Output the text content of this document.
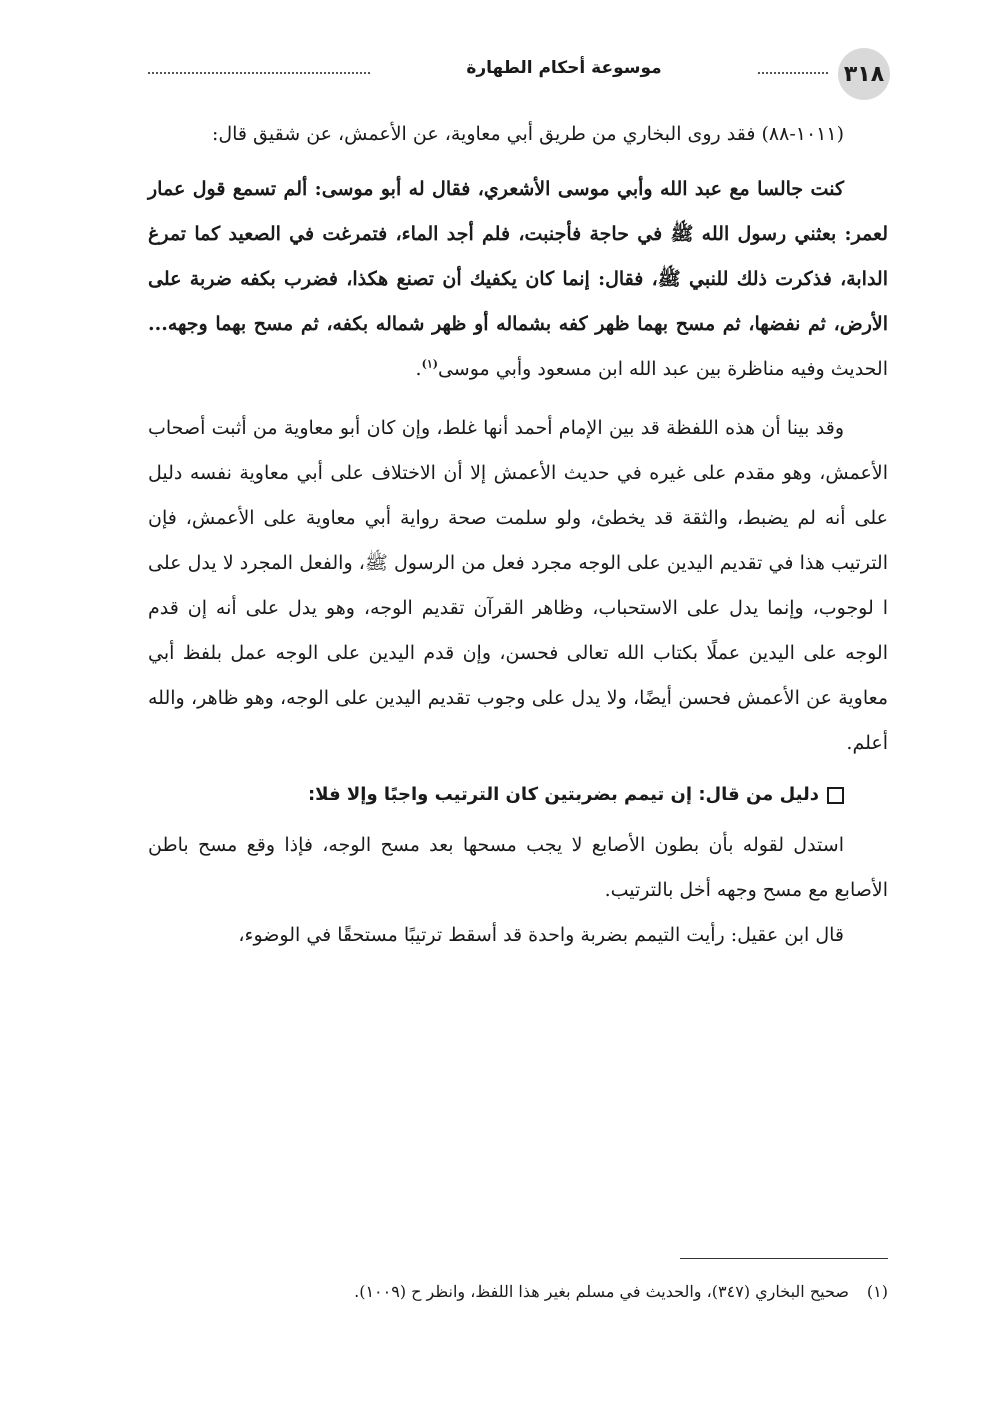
٣١٨
موسوعة أحكام الطهارة

(١٠١١-٨٨) فقد روى البخاري من طريق أبي معاوية، عن الأعمش، عن شقيق قال:

كنت جالسا مع عبد الله وأبي موسى الأشعري، فقال له أبو موسى: ألم تسمع قول عمار لعمر: بعثني رسول الله ﷺ في حاجة فأجنبت، فلم أجد الماء، فتمرغت في الصعيد كما تمرغ الدابة، فذكرت ذلك للنبي ﷺ، فقال: إنما كان يكفيك أن تصنع هكذا، فضرب بكفه ضربة على الأرض، ثم نفضها، ثم مسح بهما ظهر كفه بشماله أو ظهر شماله بكفه، ثم مسح بهما وجهه... الحديث وفيه مناظرة بين عبد الله ابن مسعود وأبي موسى$^{(١)}$.

وقد بينا أن هذه اللفظة قد بين الإمام أحمد أنها غلط، وإن كان أبو معاوية من أثبت أصحاب الأعمش، وهو مقدم على غيره في حديث الأعمش إلا أن الاختلاف على أبي معاوية نفسه دليل على أنه لم يضبط، والثقة قد يخطئ، ولو سلمت صحة رواية أبي معاوية على الأعمش، فإن الترتيب هذا في تقديم اليدين على الوجه مجرد فعل من الرسول ﷺ، والفعل المجرد لا يدل على ا لوجوب، وإنما يدل على الاستحباب، وظاهر القرآن تقديم الوجه، وهو يدل على أنه إن قدم الوجه على اليدين عملًا بكتاب الله تعالى فحسن، وإن قدم اليدين على الوجه عمل بلفظ أبي معاوية عن الأعمش فحسن أيضًا، ولا يدل على وجوب تقديم اليدين على الوجه، وهو ظاهر، والله أعلم.

دليل من قال: إن تيمم بضربتين كان الترتيب واجبًا وإلا فلا:

استدل لقوله بأن بطون الأصابع لا يجب مسحها بعد مسح الوجه، فإذا وقع مسح باطن الأصابع مع مسح وجهه أخل بالترتيب.

قال ابن عقيل: رأيت التيمم بضربة واحدة قد أسقط ترتيبًا مستحقًا في الوضوء،

(١)صحيح البخاري (٣٤٧)، والحديث في مسلم بغير هذا اللفظ، وانظر ح (١٠٠٩).
